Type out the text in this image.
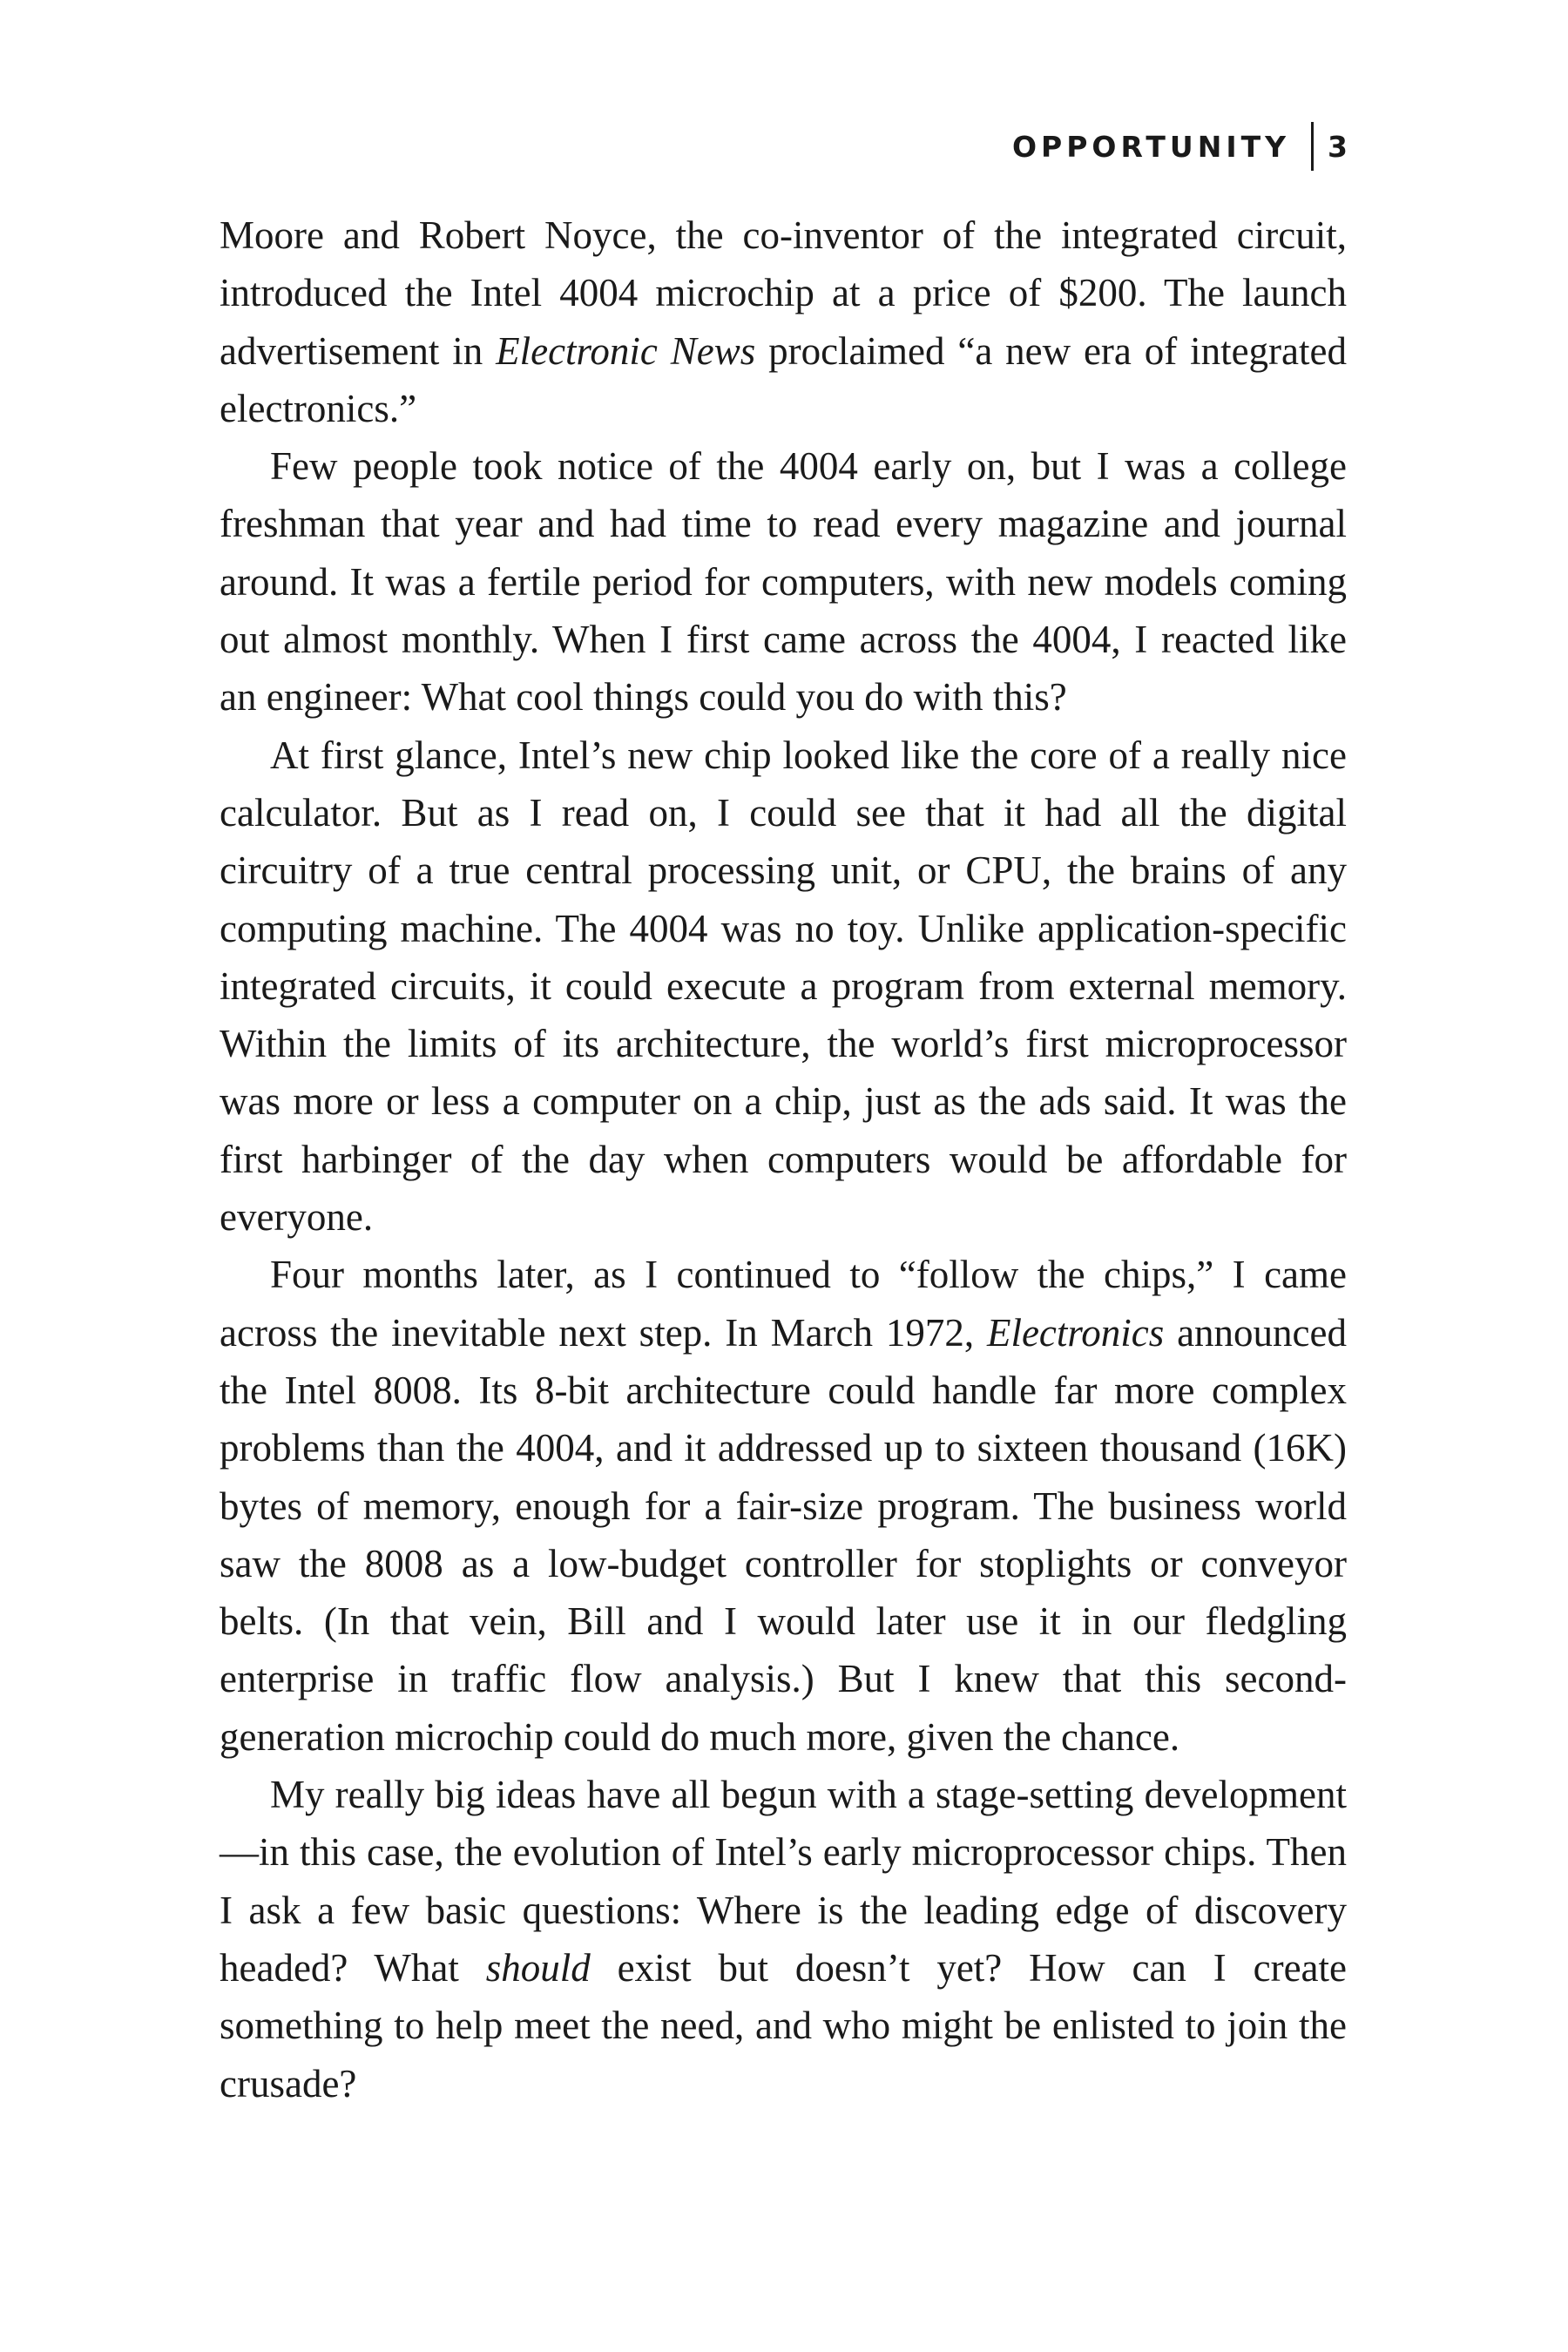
OPPORTUNITY 3

Moore and Robert Noyce, the co-inventor of the integrated circuit, introduced the Intel 4004 microchip at a price of $200. The launch advertisement in Electronic News proclaimed “a new era of integrated electronics.”

Few people took notice of the 4004 early on, but I was a college freshman that year and had time to read every magazine and journal around. It was a fertile period for computers, with new models coming out almost monthly. When I first came across the 4004, I reacted like an engineer: What cool things could you do with this?

At first glance, Intel’s new chip looked like the core of a really nice calculator. But as I read on, I could see that it had all the digital circuitry of a true central processing unit, or CPU, the brains of any computing machine. The 4004 was no toy. Unlike application-​specific integrated circuits, it could execute a program from external memory. Within the limits of its architecture, the world’s first microprocessor was more or less a computer on a chip, just as the ads said. It was the first harbinger of the day when computers would be affordable for everyone.

Four months later, as I continued to “follow the chips,” I came across the inevitable next step. In March 1972, Electronics announced the Intel 8008. Its 8-bit architecture could handle far more complex problems than the 4004, and it addressed up to sixteen thousand (16K) bytes of memory, enough for a fair-size program. The business world saw the 8008 as a low-budget controller for stoplights or conveyor belts. (In that vein, Bill and I would later use it in our fledgling enterprise in traffic flow analysis.) But I knew that this second-generation microchip could do much more, given the chance.

My really big ideas have all begun with a stage-setting development—in this case, the evolution of Intel’s early microprocessor chips. Then I ask a few basic questions: Where is the leading edge of discovery headed? What should exist but doesn’t yet? How can I create something to help meet the need, and who might be enlisted to join the crusade?
